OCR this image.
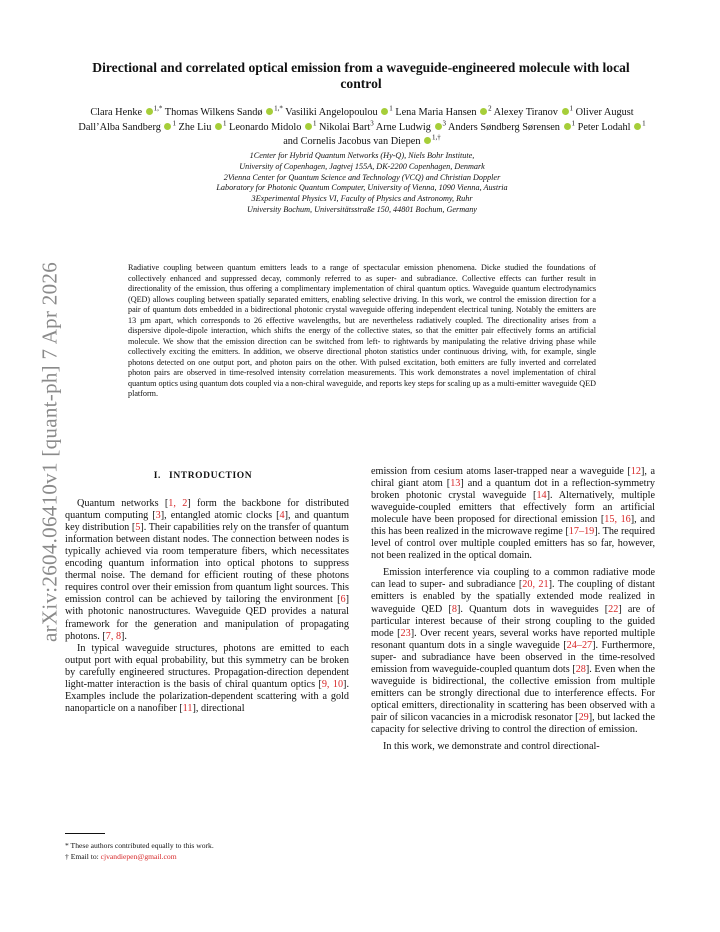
arXiv:2604.06410v1 [quant-ph] 7 Apr 2026
Directional and correlated optical emission from a waveguide-engineered molecule with local control
Clara Henke $^{1,*}$ Thomas Wilkens Sandø $^{1,*}$ Vasiliki Angelopoulou $^1$ Lena Maria Hansen $^2$ Alexey Tiranov $^1$ Oliver August Dall’Alba Sandberg $^1$ Zhe Liu $^1$ Leonardo Midolo $^1$ Nikolai Bart$^3$ Arne Ludwig $^3$ Anders Søndberg Sørensen $^1$ Peter Lodahl $^1$ and Cornelis Jacobus van Diepen $^{1,\dagger}$
1Center for Hybrid Quantum Networks (Hy-Q), Niels Bohr Institute,
University of Copenhagen, Jagtvej 155A, DK-2200 Copenhagen, Denmark
2Vienna Center for Quantum Science and Technology (VCQ) and Christian Doppler
Laboratory for Photonic Quantum Computer, University of Vienna, 1090 Vienna, Austria
3Experimental Physics VI, Faculty of Physics and Astronomy, Ruhr
University Bochum, Universitätsstraße 150, 44801 Bochum, Germany
Radiative coupling between quantum emitters leads to a range of spectacular emission phenomena. Dicke studied the foundations of collectively enhanced and suppressed decay, commonly referred to as super- and subradiance. Collective effects can further result in directionality of the emission, thus offering a complimentary implementation of chiral quantum optics. Waveguide quantum electrodynamics (QED) allows coupling between spatially separated emitters, enabling selective driving. In this work, we control the emission direction for a pair of quantum dots embedded in a bidirectional photonic crystal waveguide offering independent electrical tuning. Notably the emitters are 13 µm apart, which corresponds to 26 effective wavelengths, but are nevertheless radiatively coupled. The directionality arises from a dispersive dipole-dipole interaction, which shifts the energy of the collective states, so that the emitter pair effectively forms an artificial molecule. We show that the emission direction can be switched from left- to rightwards by manipulating the relative driving phase while collectively exciting the emitters. In addition, we observe directional photon statistics under continuous driving, with, for example, single photons detected on one output port, and photon pairs on the other. With pulsed excitation, both emitters are fully inverted and correlated photon pairs are observed in time-resolved intensity correlation measurements. This work demonstrates a novel implementation of chiral quantum optics using quantum dots coupled via a non-chiral waveguide, and reports key steps for scaling up as a multi-emitter waveguide QED platform.
I. INTRODUCTION

Quantum networks [1, 2] form the backbone for distributed quantum computing [3], entangled atomic clocks [4], and quantum key distribution [5]. Their capabilities rely on the transfer of quantum information between distant nodes. The connection between nodes is typically achieved via room temperature fibers, which necessitates encoding quantum information into optical photons to suppress thermal noise. The demand for efficient routing of these photons requires control over their emission from quantum light sources. This emission control can be achieved by tailoring the environment [6] with photonic nanostructures. Waveguide QED provides a natural framework for the generation and manipulation of propagating photons. [7, 8].

In typical waveguide structures, photons are emitted to each output port with equal probability, but this symmetry can be broken by carefully engineered structures. Propagation-direction dependent light-matter interaction is the basis of chiral quantum optics [9, 10]. Examples include the polarization-dependent scattering with a gold nanoparticle on a nanofiber [11], directional

emission from cesium atoms laser-trapped near a waveguide [12], a chiral giant atom [13] and a quantum dot in a reflection-symmetry broken photonic crystal waveguide [14]. Alternatively, multiple waveguide-coupled emitters that effectively form an artificial molecule have been proposed for directional emission [15, 16], and this has been realized in the microwave regime [17–19]. The required level of control over multiple coupled emitters has so far, however, not been realized in the optical domain.

Emission interference via coupling to a common radiative mode can lead to super- and subradiance [20, 21]. The coupling of distant emitters is enabled by the spatially extended mode realized in waveguide QED [8]. Quantum dots in waveguides [22] are of particular interest because of their strong coupling to the guided mode [23]. Over recent years, several works have reported multiple resonant quantum dots in a single waveguide [24–27]. Furthermore, super- and subradiance have been observed in the time-resolved emission from waveguide-coupled quantum dots [28]. Even when the waveguide is bidirectional, the collective emission from multiple emitters can be strongly directional due to interference effects. For optical emitters, directionality in scattering has been observed with a pair of silicon vacancies in a microdisk resonator [29], but lacked the capacity for selective driving to control the direction of emission.

In this work, we demonstrate and control directional-

* These authors contributed equally to this work.
† Email to: cjvandiepen@gmail.com
